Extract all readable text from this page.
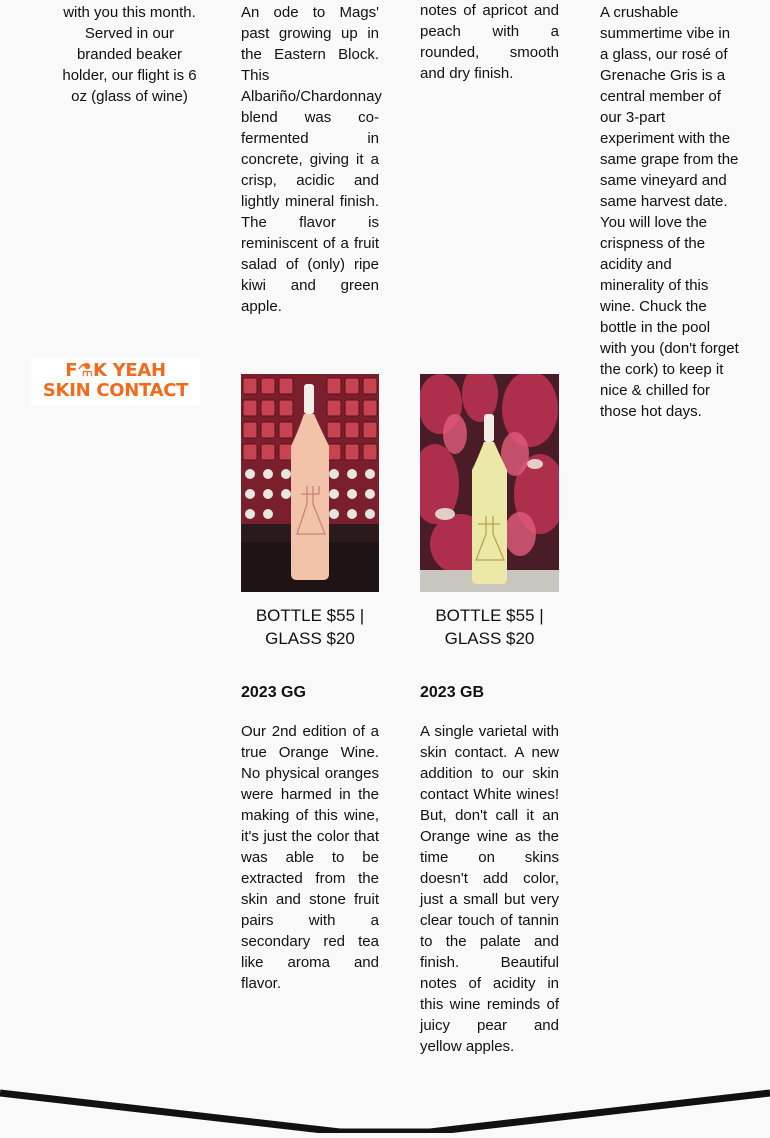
with you this month. Served in our branded beaker holder, our flight is 6 oz (glass of wine)

An ode to Mags' past growing up in the Eastern Block. This Albariño/Chardonnay blend was co-fermented in concrete, giving it a crisp, acidic and lightly mineral finish. The flavor is reminiscent of a fruit salad of (only) ripe kiwi and green apple.

notes of apricot and peach with a rounded, smooth and dry finish.

A crushable summertime vibe in a glass, our rosé of Grenache Gris is a central member of our 3-part experiment with the same grape from the same vineyard and same harvest date. You will love the crispness of the acidity and minerality of this wine. Chuck the bottle in the pool with you (don't forget the cork) to keep it nice & chilled for those hot days.

F⚗K YEAH
SKIN CONTACT
BOTTLE $55 | GLASS $20
2023 GG

Our 2nd edition of a true Orange Wine. No physical oranges were harmed in the making of this wine, it's just the color that was able to be extracted from the skin and stone fruit pairs with a secondary red tea like aroma and flavor.

BOTTLE $55 | GLASS $20
2023 GB

A single varietal with skin contact. A new addition to our skin contact White wines! But, don't call it an Orange wine as the time on skins doesn't add color, just a small but very clear touch of tannin to the palate and finish. Beautiful notes of acidity in this wine reminds of juicy pear and yellow apples.
